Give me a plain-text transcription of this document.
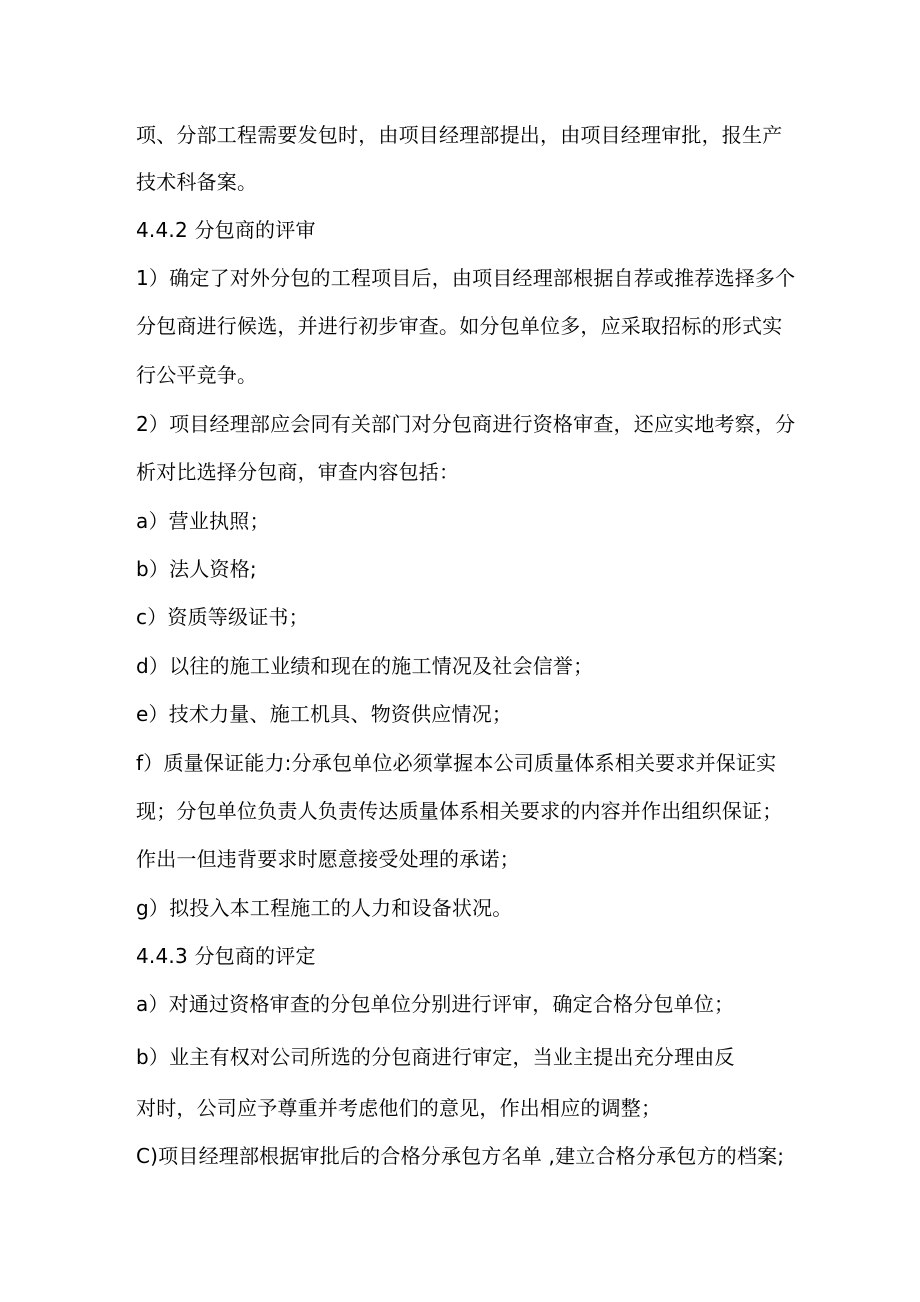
项、分部工程需要发包时，由项目经理部提出，由项目经理审批，报生产
技术科备案。
4.4.2 分包商的评审
1）确定了对外分包的工程项目后，由项目经理部根据自荐或推荐选择多个
分包商进行候选，并进行初步审查。如分包单位多，应采取招标的形式实
行公平竞争。
2）项目经理部应会同有关部门对分包商进行资格审查，还应实地考察，分
析对比选择分包商，审查内容包括：
a）营业执照；
b）法人资格;
c）资质等级证书；
d）以往的施工业绩和现在的施工情况及社会信誉；
e）技术力量、施工机具、物资供应情况；
f）质量保证能力:分承包单位必须掌握本公司质量体系相关要求并保证实
现；分包单位负责人负责传达质量体系相关要求的内容并作出组织保证；
作出一但违背要求时愿意接受处理的承诺；
g）拟投入本工程施工的人力和设备状况。
4.4.3 分包商的评定
a）对通过资格审查的分包单位分别进行评审，确定合格分包单位；
b）业主有权对公司所选的分包商进行审定，当业主提出充分理由反
对时，公司应予尊重并考虑他们的意见，作出相应的调整；
C)项目经理部根据审批后的合格分承包方名单 ,建立合格分承包方的档案;
